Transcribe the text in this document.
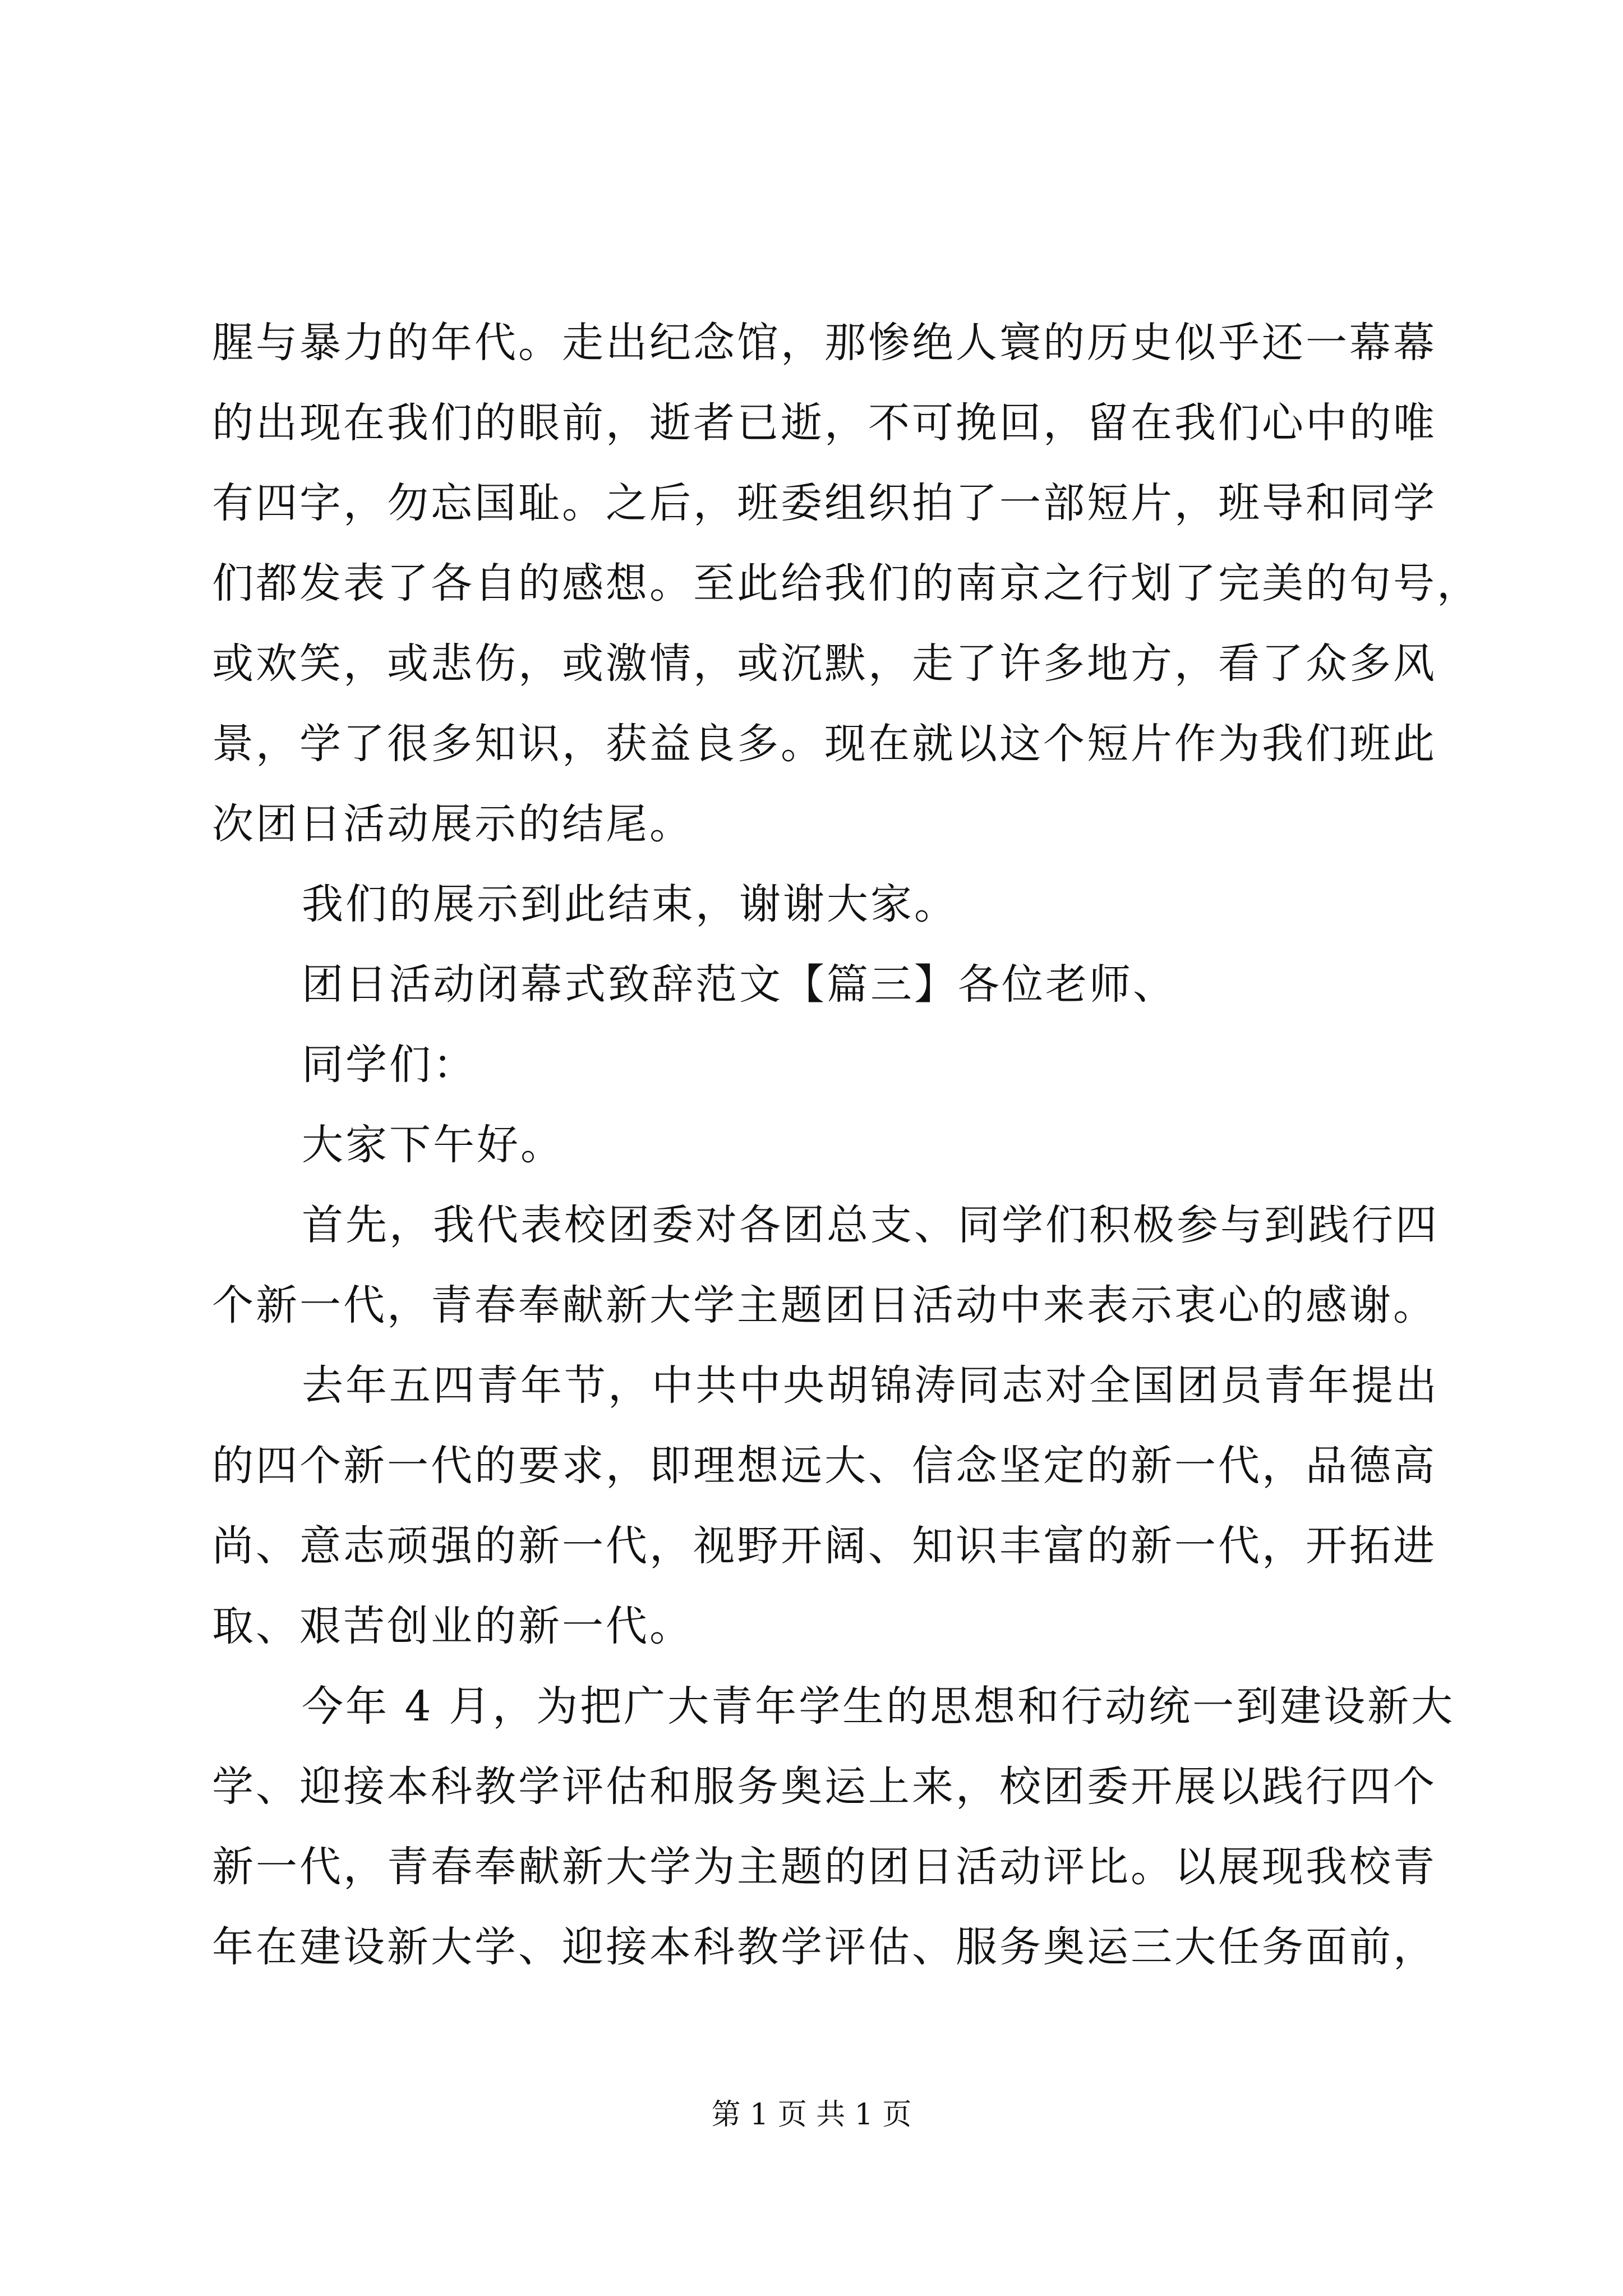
腥与暴力的年代。走出纪念馆，那惨绝人寰的历史似乎还一幕幕
的出现在我们的眼前，逝者已逝，不可挽回，留在我们心中的唯
有四字，勿忘国耻。之后，班委组织拍了一部短片，班导和同学
们都发表了各自的感想。至此给我们的南京之行划了完美的句号，
或欢笑，或悲伤，或激情，或沉默，走了许多地方，看了众多风
景，学了很多知识，获益良多。现在就以这个短片作为我们班此
次团日活动展示的结尾。
我们的展示到此结束，谢谢大家。
团日活动闭幕式致辞范文【篇三】各位老师、
同学们：
大家下午好。
首先，我代表校团委对各团总支、同学们积极参与到践行四
个新一代，青春奉献新大学主题团日活动中来表示衷心的感谢。
去年五四青年节，中共中央胡锦涛同志对全国团员青年提出
的四个新一代的要求，即理想远大、信念坚定的新一代，品德高
尚、意志顽强的新一代，视野开阔、知识丰富的新一代，开拓进
取、艰苦创业的新一代。
今年 4 月，为把广大青年学生的思想和行动统一到建设新大
学、迎接本科教学评估和服务奥运上来，校团委开展以践行四个
新一代，青春奉献新大学为主题的团日活动评比。以展现我校青
年在建设新大学、迎接本科教学评估、服务奥运三大任务面前，
第 1 页 共 1 页
